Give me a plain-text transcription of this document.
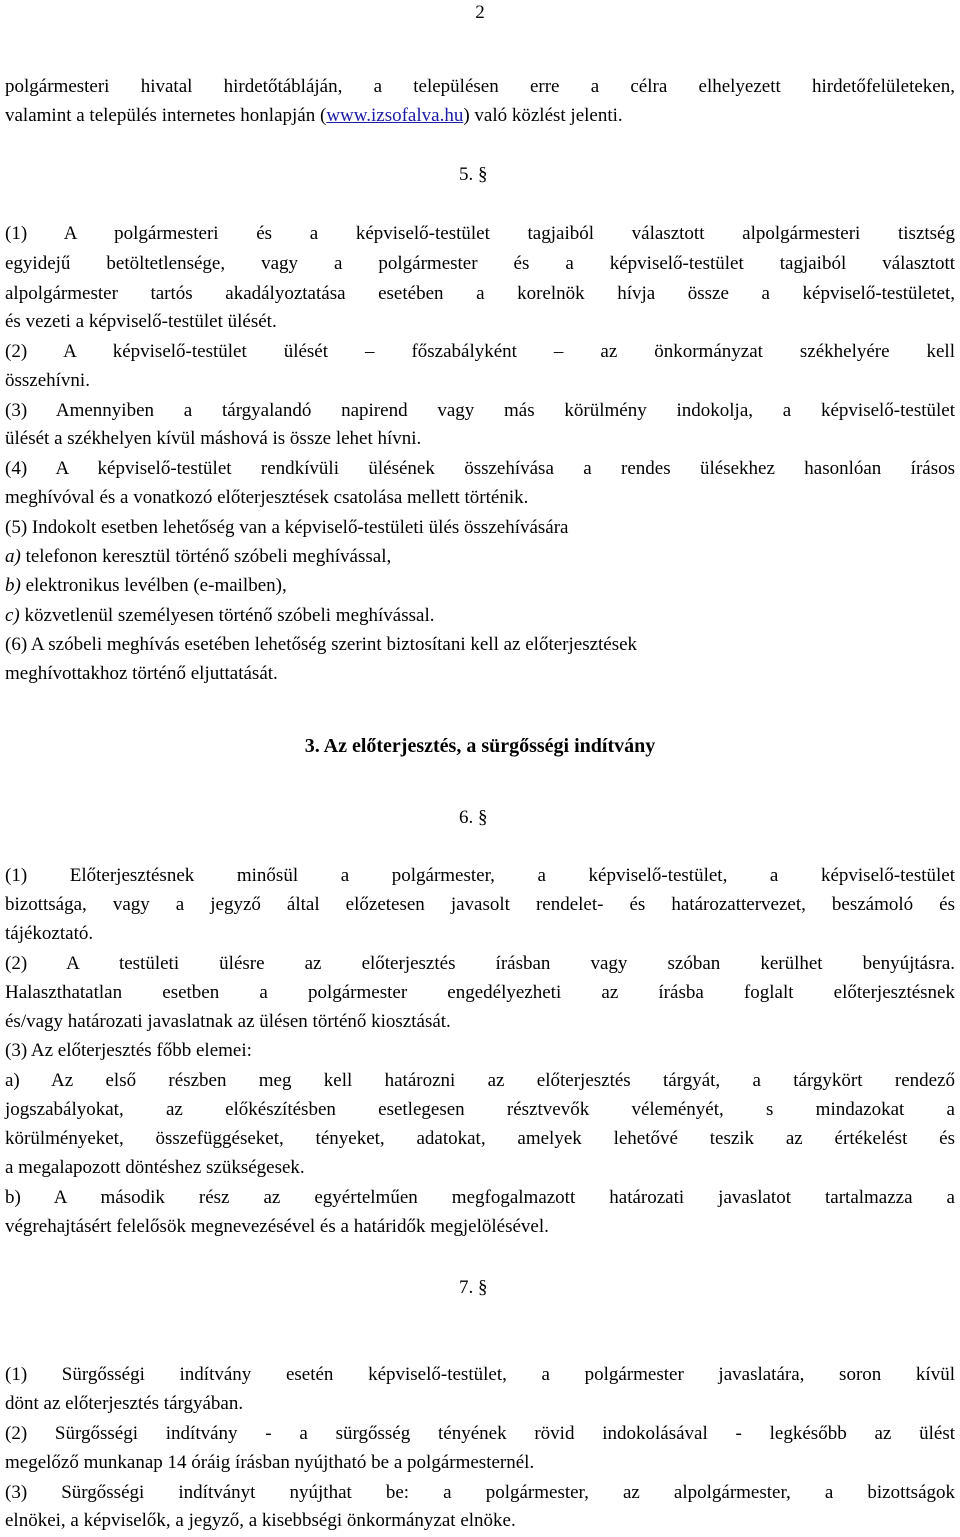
2
polgármesteri hivatal hirdetőtábláján, a településen erre a célra elhelyezett hirdetőfelületeken,
valamint a település internetes honlapján (www.izsofalva.hu) való közlést jelenti.
5. §
(1) A polgármesteri és a képviselő-testület tagjaiból választott alpolgármesteri tisztség
egyidejű betöltetlensége, vagy a polgármester és a képviselő-testület tagjaiból választott
alpolgármester tartós akadályoztatása esetében a korelnök hívja össze a képviselő-testületet,
és vezeti a képviselő-testület ülését.
(2) A képviselő-testület ülését – főszabályként – az önkormányzat székhelyére kell
összehívni.
(3) Amennyiben a tárgyalandó napirend vagy más körülmény indokolja, a képviselő-testület
ülését a székhelyen kívül máshová is össze lehet hívni.
(4) A képviselő-testület rendkívüli ülésének összehívása a rendes ülésekhez hasonlóan írásos
meghívóval és a vonatkozó előterjesztések csatolása mellett történik.
(5) Indokolt esetben lehetőség van a képviselő-testületi ülés összehívására
a) telefonon keresztül történő szóbeli meghívással,
b) elektronikus levélben (e-mailben),
c) közvetlenül személyesen történő szóbeli meghívással.
(6) A szóbeli meghívás esetében lehetőség szerint biztosítani kell az előterjesztések
meghívottakhoz történő eljuttatását.
3. Az előterjesztés, a sürgősségi indítvány
6. §
(1) Előterjesztésnek minősül a polgármester, a képviselő-testület, a képviselő-testület
bizottsága, vagy a jegyző által előzetesen javasolt rendelet- és határozattervezet, beszámoló és
tájékoztató.
(2) A testületi ülésre az előterjesztés írásban vagy szóban kerülhet benyújtásra.
Halaszthatatlan esetben a polgármester engedélyezheti az írásba foglalt előterjesztésnek
és/vagy határozati javaslatnak az ülésen történő kiosztását.
(3) Az előterjesztés főbb elemei:
a) Az első részben meg kell határozni az előterjesztés tárgyát, a tárgykört rendező
jogszabályokat, az előkészítésben esetlegesen résztvevők véleményét, s mindazokat a
körülményeket, összefüggéseket, tényeket, adatokat, amelyek lehetővé teszik az értékelést és
a megalapozott döntéshez szükségesek.
b) A második rész az egyértelműen megfogalmazott határozati javaslatot tartalmazza a
végrehajtásért felelősök megnevezésével és a határidők megjelölésével.
7. §
(1) Sürgősségi indítvány esetén képviselő-testület, a polgármester javaslatára, soron kívül
dönt az előterjesztés tárgyában.
(2) Sürgősségi indítvány - a sürgősség tényének rövid indokolásával - legkésőbb az ülést
megelőző munkanap 14 óráig írásban nyújtható be a polgármesternél.
(3) Sürgősségi indítványt nyújthat be: a polgármester, az alpolgármester, a bizottságok
elnökei, a képviselők, a jegyző, a kisebbségi önkormányzat elnöke.
